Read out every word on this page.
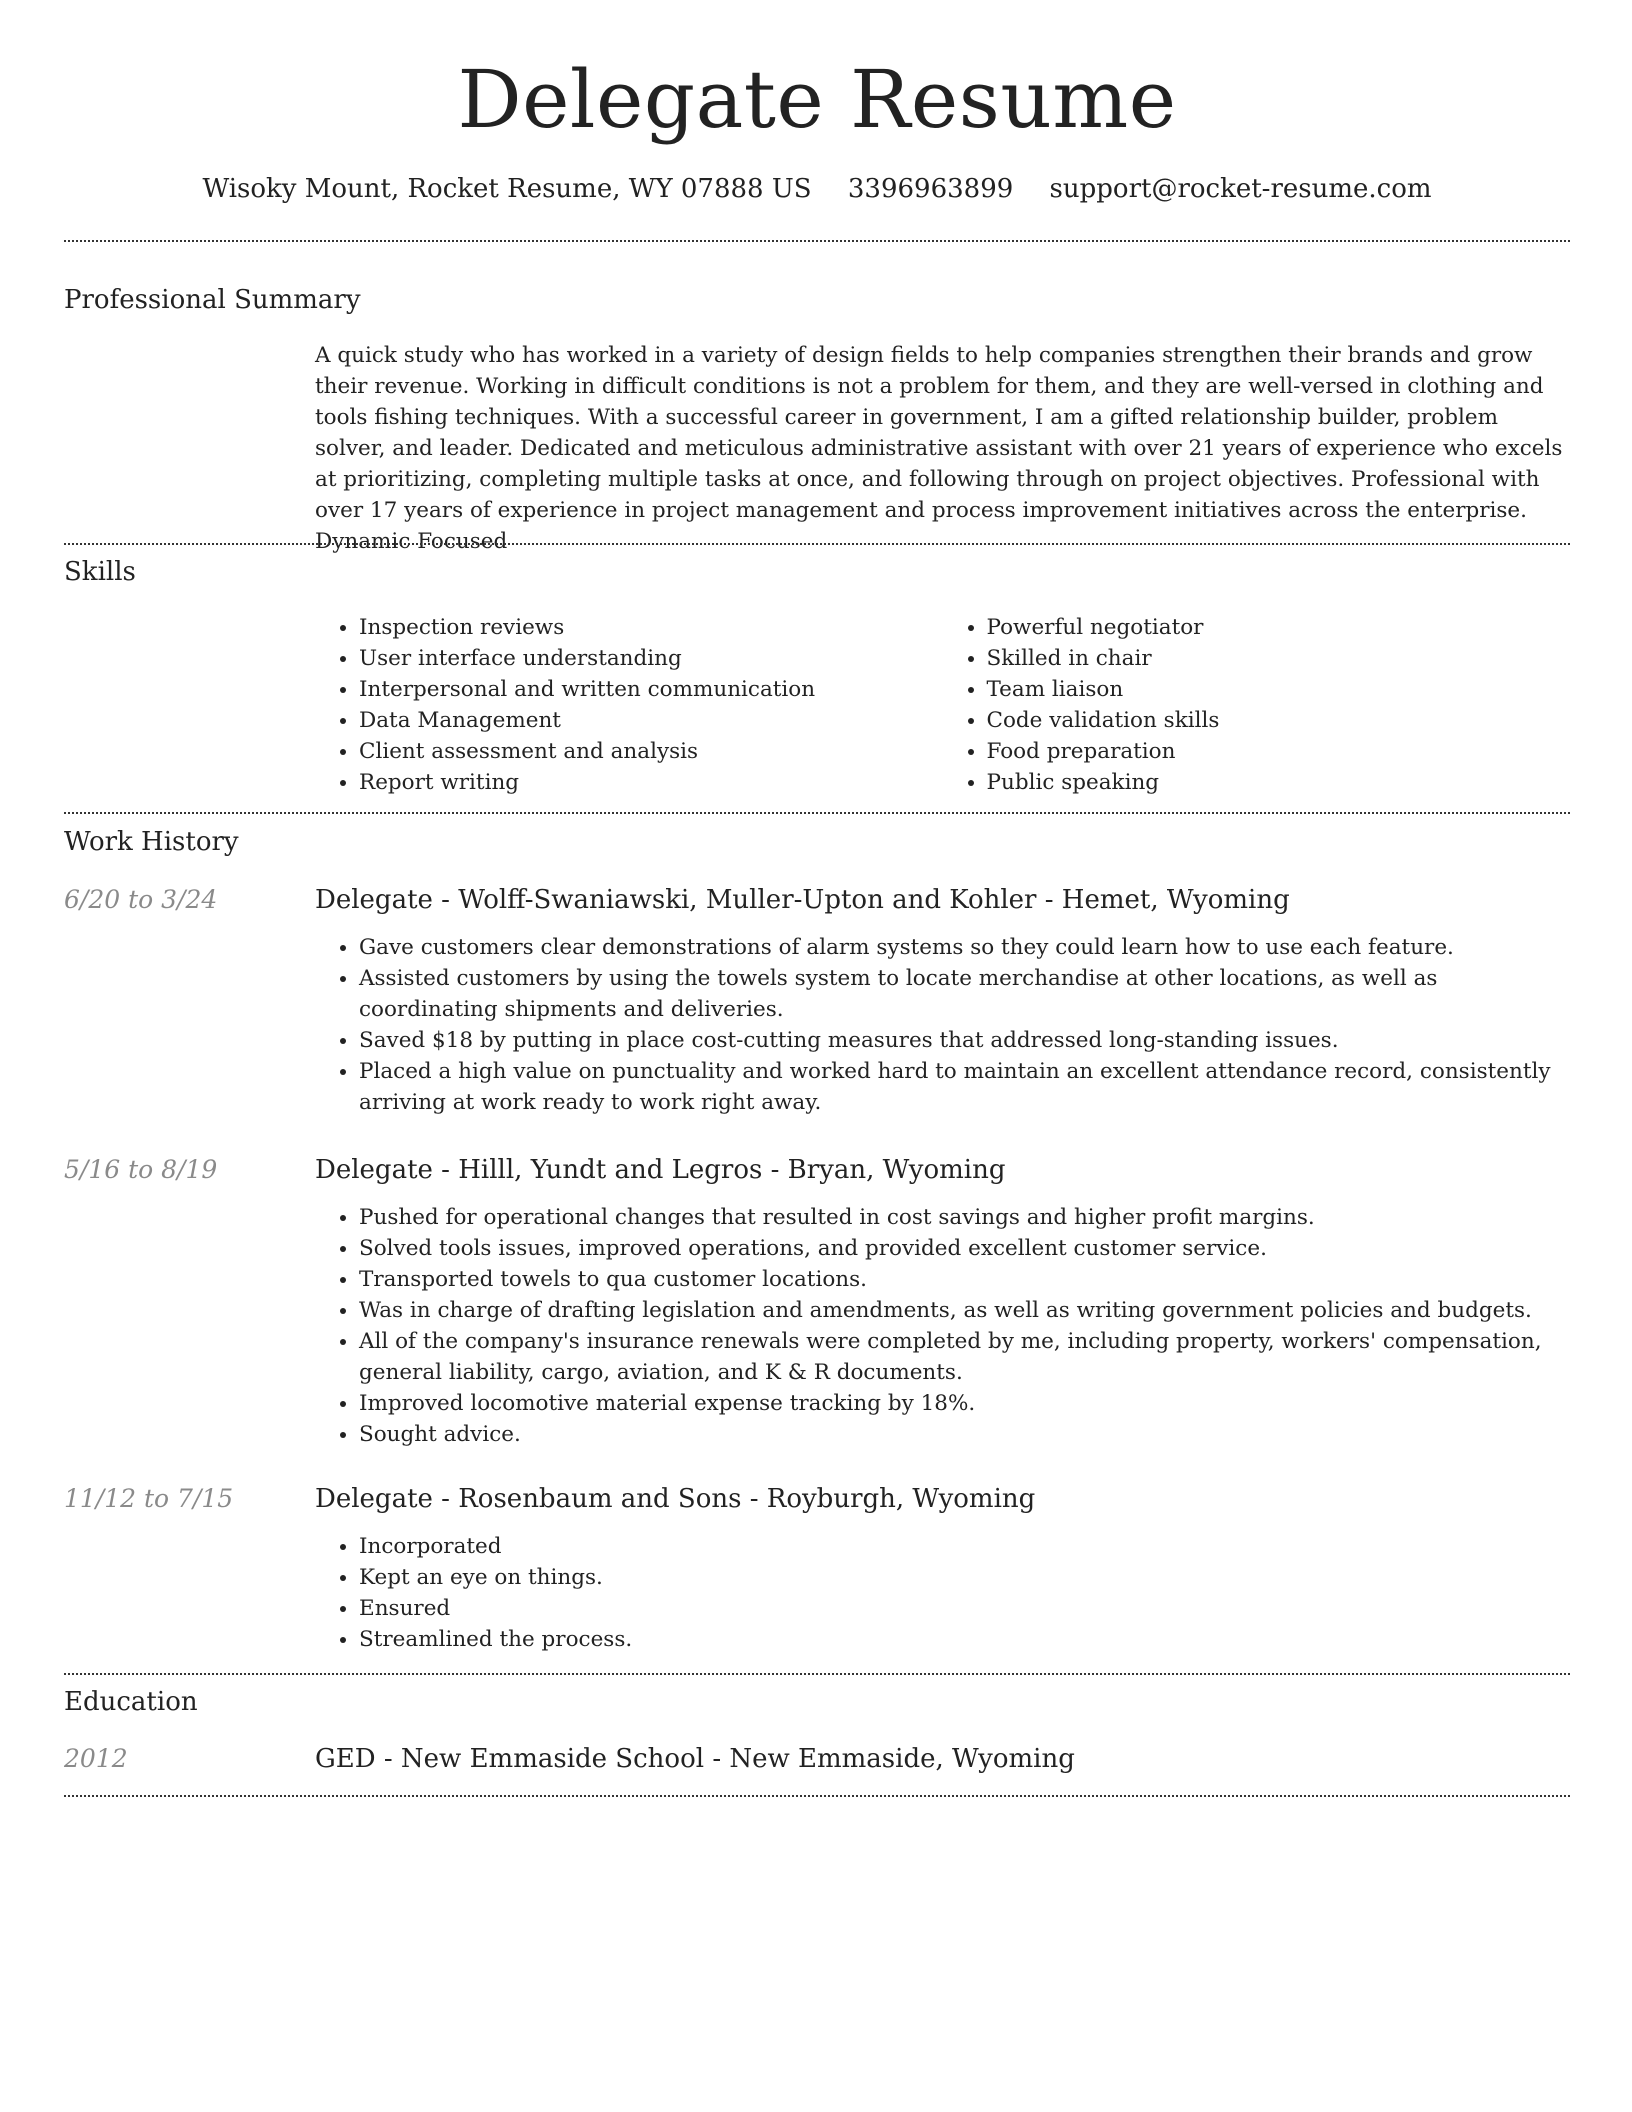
Delegate Resume
Wisoky Mount, Rocket Resume, WY 07888 US 3396963899 support@rocket-resume.com
Professional Summary
A quick study who has worked in a variety of design fields to help companies strengthen their brands and grow their revenue. Working in difficult conditions is not a problem for them, and they are well-versed in clothing and tools fishing techniques. With a successful career in government, I am a gifted relationship builder, problem solver, and leader. Dedicated and meticulous administrative assistant with over 21 years of experience who excels at prioritizing, completing multiple tasks at once, and following through on project objectives. Professional with over 17 years of experience in project management and process improvement initiatives across the enterprise. Dynamic Focused
Skills
• Inspection reviews
• User interface understanding
• Interpersonal and written communication
• Data Management
• Client assessment and analysis
• Report writing
• Powerful negotiator
• Skilled in chair
• Team liaison
• Code validation skills
• Food preparation
• Public speaking
Work History
6/20 to 3/24	Delegate - Wolff-Swaniawski, Muller-Upton and Kohler - Hemet, Wyoming
• Gave customers clear demonstrations of alarm systems so they could learn how to use each feature.
• Assisted customers by using the towels system to locate merchandise at other locations, as well as coordinating shipments and deliveries.
• Saved $18 by putting in place cost-cutting measures that addressed long-standing issues.
• Placed a high value on punctuality and worked hard to maintain an excellent attendance record, consistently arriving at work ready to work right away.
5/16 to 8/19	Delegate - Hilll, Yundt and Legros - Bryan, Wyoming
• Pushed for operational changes that resulted in cost savings and higher profit margins.
• Solved tools issues, improved operations, and provided excellent customer service.
• Transported towels to qua customer locations.
• Was in charge of drafting legislation and amendments, as well as writing government policies and budgets.
• All of the company's insurance renewals were completed by me, including property, workers' compensation, general liability, cargo, aviation, and K & R documents.
• Improved locomotive material expense tracking by 18%.
• Sought advice.
11/12 to 7/15	Delegate - Rosenbaum and Sons - Royburgh, Wyoming
• Incorporated
• Kept an eye on things.
• Ensured
• Streamlined the process.
Education
2012	GED - New Emmaside School - New Emmaside, Wyoming
